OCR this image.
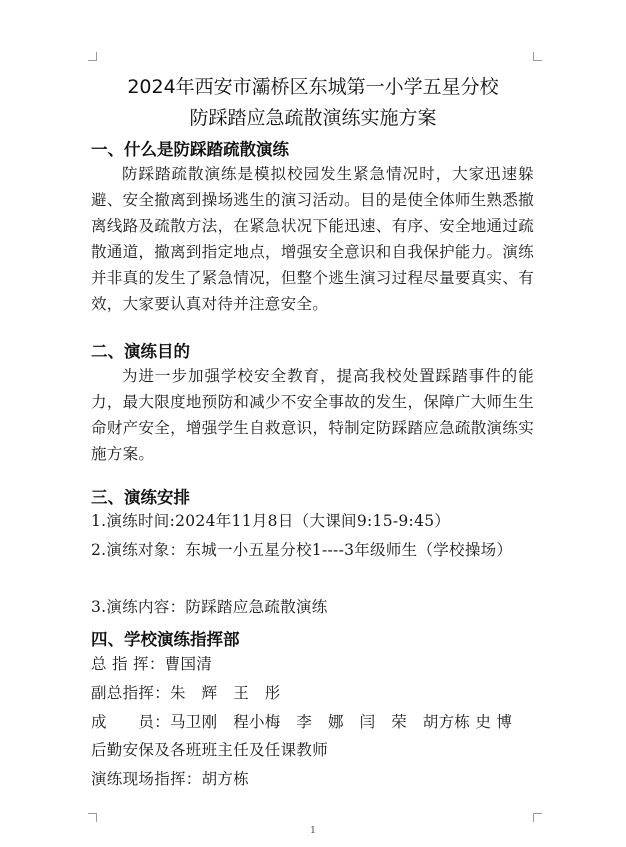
2024年西安市灞桥区东城第一小学五星分校
防踩踏应急疏散演练实施方案
一、什么是防踩踏疏散演练

防踩踏疏散演练是模拟校园发生紧急情况时，大家迅速躲避、安全撤离到操场逃生的演习活动。目的是使全体师生熟悉撤离线路及疏散方法，在紧急状况下能迅速、有序、安全地通过疏散通道，撤离到指定地点，增强安全意识和自我保护能力。演练并非真的发生了紧急情况，但整个逃生演习过程尽量要真实、有效，大家要认真对待并注意安全。

二、演练目的

为进一步加强学校安全教育，提高我校处置踩踏事件的能力，最大限度地预防和减少不安全事故的发生，保障广大师生生命财产安全，增强学生自救意识，特制定防踩踏应急疏散演练实施方案。

三、演练安排
1.演练时间:2024年11月8日（大课间9:15-9:45）
2.演练对象：东城一小五星分校1----3年级师生（学校操场）
3.演练内容：防踩踏应急疏散演练
四、学校演练指挥部
总 指 挥：曹国清
副总指挥：朱　辉　王　彤
成　　员：马卫刚　程小梅　李　娜　闫　荣　胡方栋 史 博
后勤安保及各班班主任及任课教师
演练现场指挥：胡方栋
1
